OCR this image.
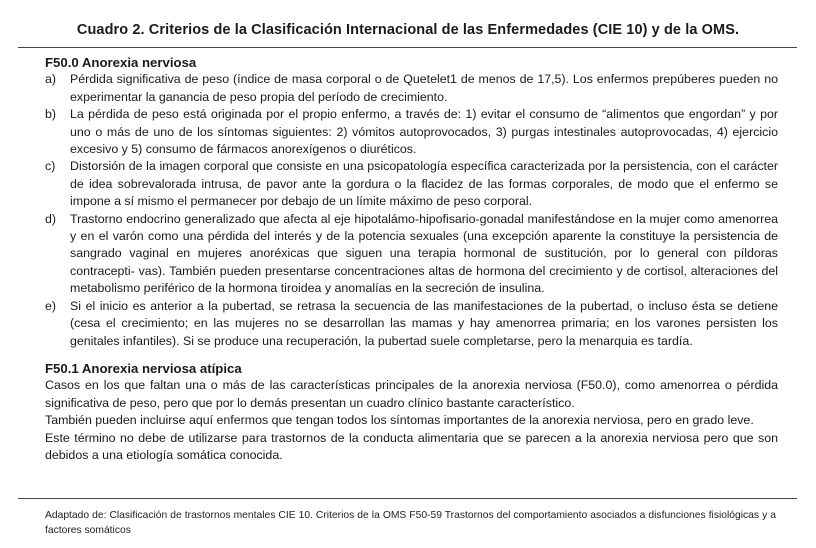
Cuadro 2. Criterios de la Clasificación Internacional de las Enfermedades (CIE 10) y de la OMS.

F50.0 Anorexia nerviosa

a) Pérdida significativa de peso (índice de masa corporal o de Quetelet1 de menos de 17,5). Los enfermos prepúberes pueden no experimentar la ganancia de peso propia del período de crecimiento.
b) La pérdida de peso está originada por el propio enfermo, a través de: 1) evitar el consumo de “alimentos que engordan” y por uno o más de uno de los síntomas siguientes: 2) vómitos autoprovocados, 3) purgas intestinales autoprovocadas, 4) ejercicio excesivo y 5) consumo de fármacos anorexígenos o diuréticos.
c) Distorsión de la imagen corporal que consiste en una psicopatología específica caracterizada por la persistencia, con el carácter de idea sobrevalorada intrusa, de pavor ante la gordura o la flacidez de las formas corporales, de modo que el enfermo se impone a sí mismo el permanecer por debajo de un límite máximo de peso corporal.
d) Trastorno endocrino generalizado que afecta al eje hipotalámo-hipofisario-gonadal manifestándose en la mujer como amenorrea y en el varón como una pérdida del interés y de la potencia sexuales (una excepción aparente la constituye la persistencia de sangrado vaginal en mujeres anoréxicas que siguen una terapia hormonal de sustitución, por lo general con píldoras contracepti- vas). También pueden presentarse concentraciones altas de hormona del crecimiento y de cortisol, alteraciones del metabolismo periférico de la hormona tiroidea y anomalías en la secreción de insulina.
e) Si el inicio es anterior a la pubertad, se retrasa la secuencia de las manifestaciones de la pubertad, o incluso ésta se detiene (cesa el crecimiento; en las mujeres no se desarrollan las mamas y hay amenorrea primaria; en los varones persisten los genitales infantiles). Si se produce una recuperación, la pubertad suele completarse, pero la menarquia es tardía.

F50.1 Anorexia nerviosa atípica

Casos en los que faltan una o más de las características principales de la anorexia nerviosa (F50.0), como amenorrea o pérdida significativa de peso, pero que por lo demás presentan un cuadro clínico bastante característico.

También pueden incluirse aquí enfermos que tengan todos los síntomas importantes de la anorexia nerviosa, pero en grado leve.

Este término no debe de utilizarse para trastornos de la conducta alimentaria que se parecen a la anorexia nerviosa pero que son debidos a una etiología somática conocida.

Adaptado de: Clasificación de trastornos mentales CIE 10. Criterios de la OMS F50-59 Trastornos del comportamiento asociados a disfunciones fisiológicas y a factores somáticos
